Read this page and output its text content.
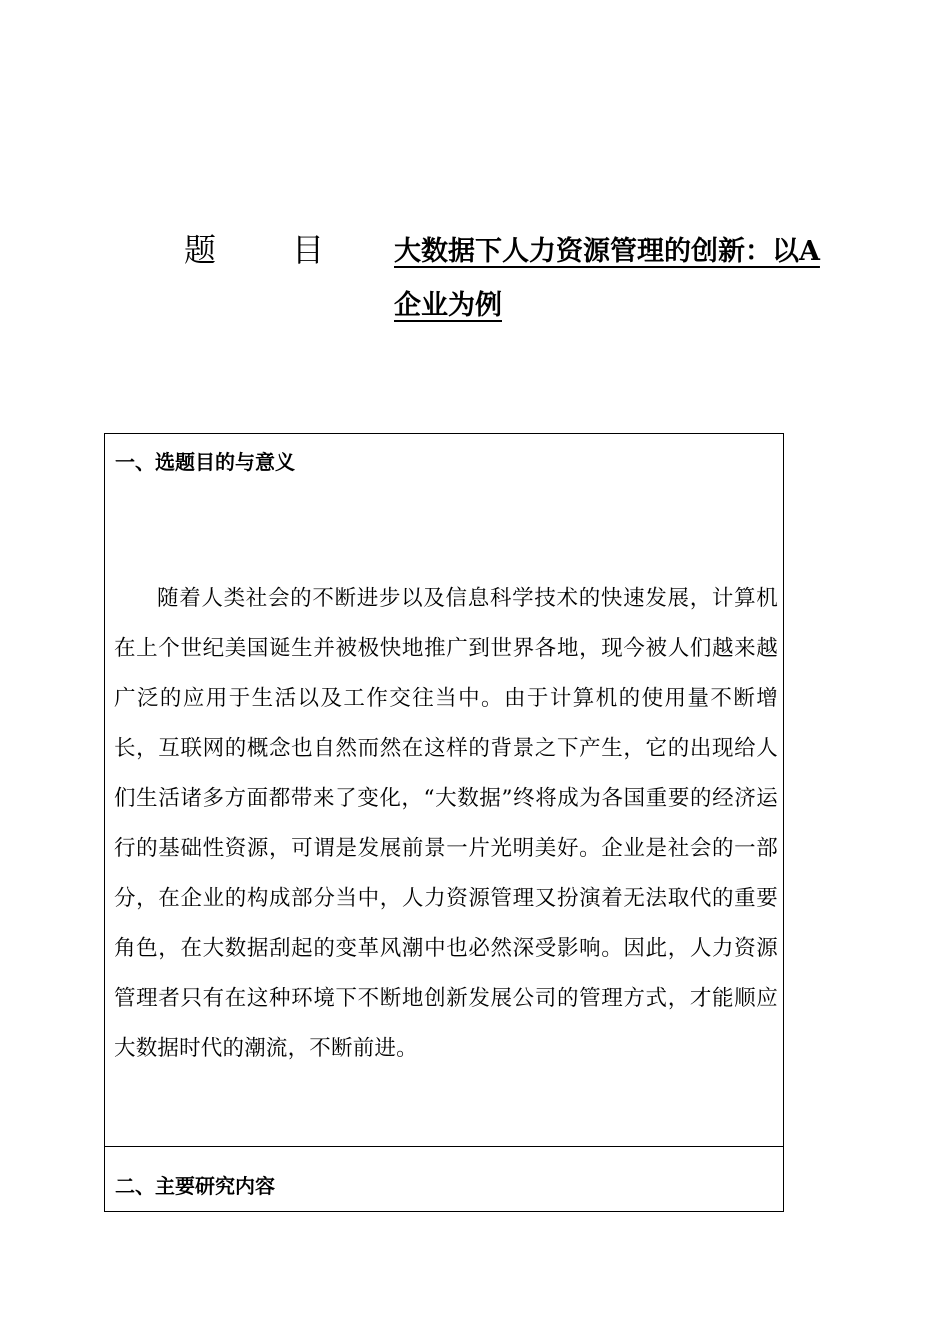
题 目	大数据下人力资源管理的创新：以A
企业为例
一、选题目的与意义

随着人类社会的不断进步以及信息科学技术的快速发展，计算机在上个世纪美国诞生并被极快地推广到世界各地，现今被人们越来越广泛的应用于生活以及工作交往当中。由于计算机的使用量不断增长，互联网的概念也自然而然在这样的背景之下产生，它的出现给人们生活诸多方面都带来了变化，“大数据”终将成为各国重要的经济运行的基础性资源，可谓是发展前景一片光明美好。企业是社会的一部分，在企业的构成部分当中，人力资源管理又扮演着无法取代的重要角色，在大数据刮起的变革风潮中也必然深受影响。因此，人力资源管理者只有在这种环境下不断地创新发展公司的管理方式，才能顺应大数据时代的潮流，不断前进。

二、主要研究内容
